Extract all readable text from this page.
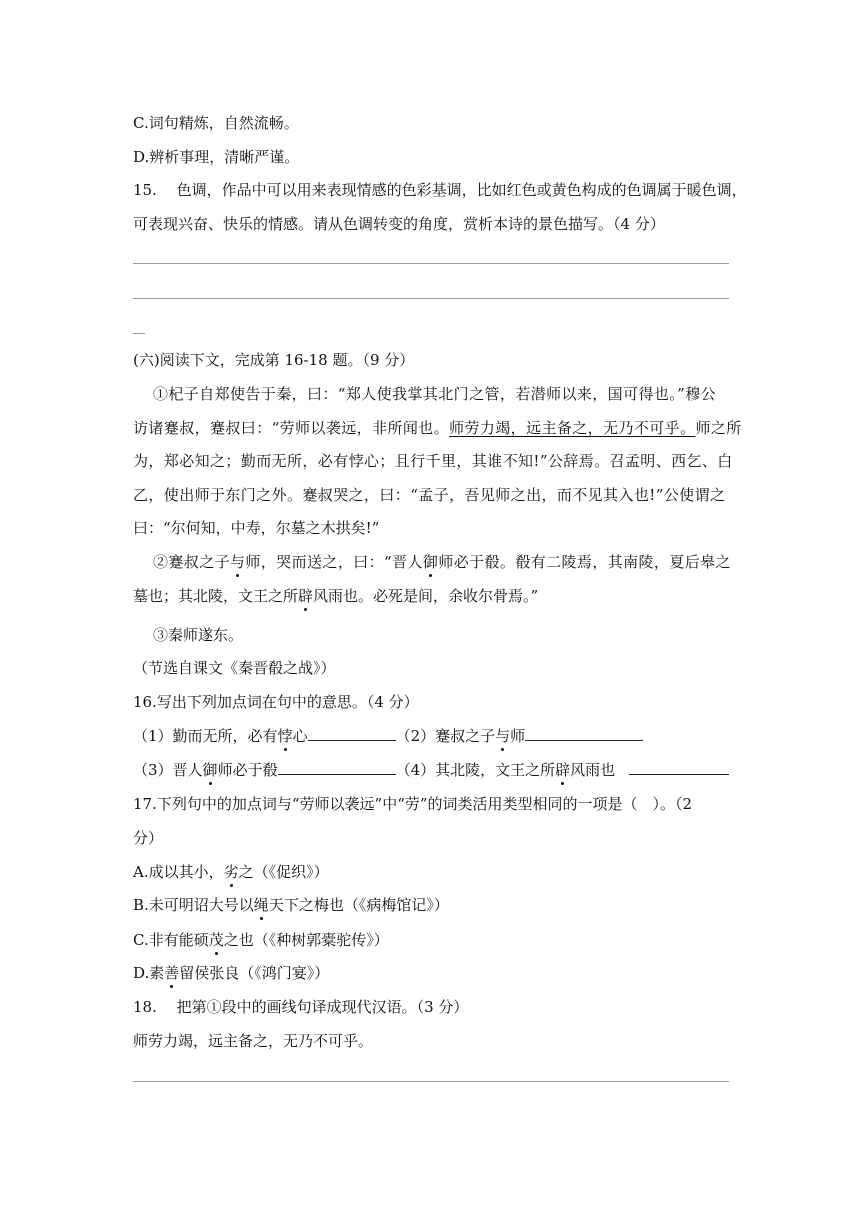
C.词句精炼，自然流畅。
D.辨析事理，清晰严谨。
15.　 色调，作品中可以用来表现情感的色彩基调，比如红色或黄色构成的色调属于暖色调，
可表现兴奋、快乐的情感。请从色调转变的角度，赏析本诗的景色描写。（4 分）
(六)阅读下文，完成第 16-18 题。（9 分）
①杞子自郑使告于秦，曰：“郑人使我掌其北门之管，若潜师以来，国可得也。”穆公
访诸蹇叔，蹇叔曰：“劳师以袭远，非所闻也。师劳力竭，远主备之，无乃不可乎。师之所
为，郑必知之；勤而无所，必有悖心；且行千里，其谁不知!”公辞焉。召孟明、西乞、白
乙，使出师于东门之外。蹇叔哭之，曰：“孟子，吾见师之出，而不见其入也!”公使谓之
曰：“尔何知，中寿，尔墓之木拱矣!”
②蹇叔之子与师，哭而送之，曰：“晋人御师必于殽。殽有二陵焉，其南陵，夏后皋之
墓也；其北陵，文王之所辟风雨也。必死是间，余收尔骨焉。”
③秦师遂东。
（节选自课文《秦晋殽之战》）
16.写出下列加点词在句中的意思。（4 分）
（1）勤而无所，必有悖心	（2）蹇叔之子与师
（3）晋人御师必于殽	（4）其北陵，文王之所辟风雨也
17.下列句中的加点词与“劳师以袭远”中“劳”的词类活用类型相同的一项是（　）。（2
分）
A.成以其小，劣之（《促织》）
B.未可明诏大号以绳天下之梅也（《病梅馆记》）
C.非有能硕茂之也（《种树郭橐驼传》）
D.素善留侯张良（《鸿门宴》）
18.　 把第①段中的画线句译成现代汉语。（3 分）
师劳力竭，远主备之，无乃不可乎。
